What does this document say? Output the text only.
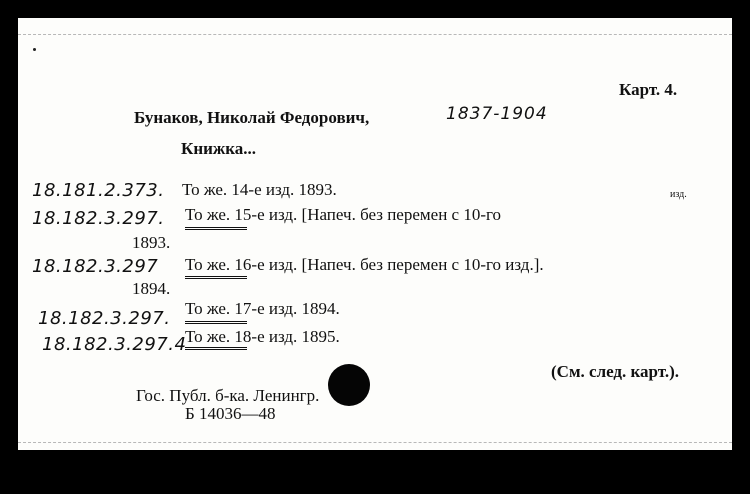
Карт. 4.
Бунаков, Николай Федорович,	1837-1904
Книжка...
18.181.2.373. То же. 14-е изд. 1893.
18.182.3.297. То же. 15-е изд. [Напеч. без перемен с 10-го
изд.
1893.
18.182.3.297 То же. 16-е изд. [Напеч. без перемен с 10-го изд.].
1894.
18.182.3.297. То же. 17-е изд. 1894.
18.182.3.297.4
То же. 18-е изд. 1895.
(См. след. карт.).
Гос. Публ. б-ка. Ленингр.
Б 14036—48
